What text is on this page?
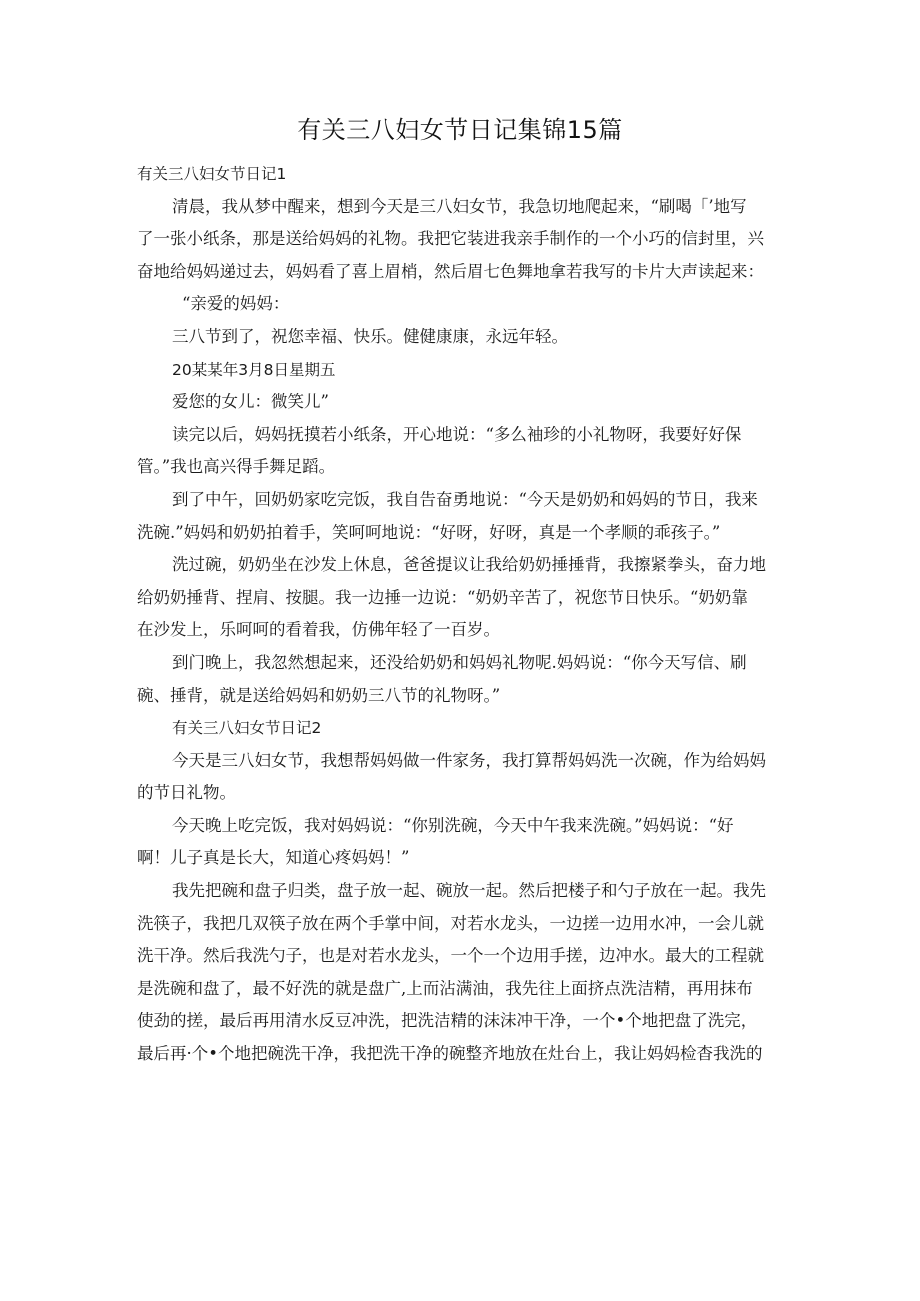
有关三八妇女节日记集锦15篇
有关三八妇女节日记1
清晨，我从梦中醒来，想到今天是三八妇女节，我急切地爬起来，“刷喝「’地写
了一张小纸条，那是送给妈妈的礼物。我把它装进我亲手制作的一个小巧的信封里，兴
奋地给妈妈递过去，妈妈看了喜上眉梢，然后眉七色舞地拿若我写的卡片大声读起来：
“亲爱的妈妈：
三八节到了，祝您幸福、快乐。健健康康，永远年轻。
20某某年3月8日星期五
爱您的女儿：微笑儿”
读完以后，妈妈抚摸若小纸条，开心地说：“多么袖珍的小礼物呀，我要好好保
管。”我也高兴得手舞足蹈。
到了中午，回奶奶家吃完饭，我自告奋勇地说：“今天是奶奶和妈妈的节日，我来
洗碗.”妈妈和奶奶拍着手，笑呵呵地说：“好呀，好呀，真是一个孝顺的乖孩子。”
洗过碗，奶奶坐在沙发上休息，爸爸提议让我给奶奶捶捶背，我擦紧拳头，奋力地
给奶奶捶背、捏肩、按腿。我一边捶一边说：“奶奶辛苦了，祝您节日快乐。“奶奶靠
在沙发上，乐呵呵的看着我，仿佛年轻了一百岁。
到门晚上，我忽然想起来，还没给奶奶和妈妈礼物呢.妈妈说：“你今天写信、刷
碗、捶背，就是送给妈妈和奶奶三八节的礼物呀。”
有关三八妇女节日记2
今天是三八妇女节，我想帮妈妈做一件家务，我打算帮妈妈洗一次碗，作为给妈妈
的节日礼物。
今天晚上吃完饭，我对妈妈说：“你别洗碗，今天中午我来洗碗。”妈妈说：“好
啊！儿子真是长大，知道心疼妈妈！”
我先把碗和盘子归类，盘子放一起、碗放一起。然后把楼子和勺子放在一起。我先
洗筷子，我把几双筷子放在两个手掌中间，对若水龙头，一边搓一边用水冲，一会儿就
洗干净。然后我洗勺子，也是对若水龙头，一个一个边用手搓，边冲水。最大的工程就
是洗碗和盘了，最不好洗的就是盘广,上而沾满油，我先往上面挤点洗洁精，再用抹布
使劲的搓，最后再用清水反豆冲洗，把洗洁精的沫沫冲干净，一个•个地把盘了洗完，
最后再·个•个地把碗洗干净，我把洗干净的碗整齐地放在灶台上，我让妈妈检杳我洗的
